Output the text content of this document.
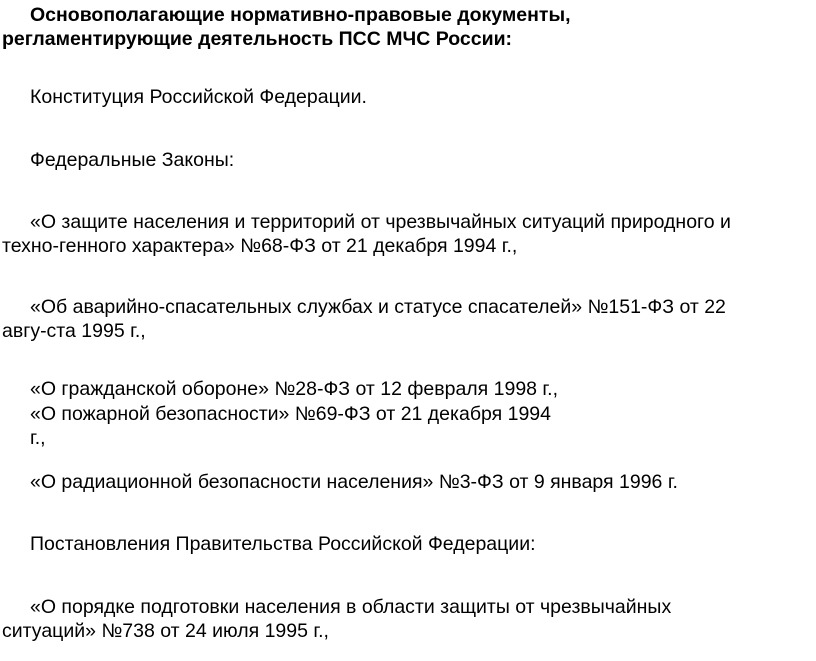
Основополагающие нормативно-правовые документы,
регламентирующие деятельность ПСС МЧС России:

Конституция Российской Федерации.

Федеральные Законы:

«О защите населения и территорий от чрезвычайных ситуаций природного и
техно-генного характера» №68-ФЗ от 21 декабря 1994 г.,

«Об аварийно-спасательных службах и статусе спасателей» №151-ФЗ от 22
авгу-ста 1995 г.,

«О гражданской обороне» №28-ФЗ от 12 февраля 1998 г.,

«О пожарной безопасности» №69-ФЗ от 21 декабря 1994
г.,

«О радиационной безопасности населения» №3-ФЗ от 9 января 1996 г.

Постановления Правительства Российской Федерации:

«О порядке подготовки населения в области защиты от чрезвычайных
ситуаций» №738 от 24 июля 1995 г.,
